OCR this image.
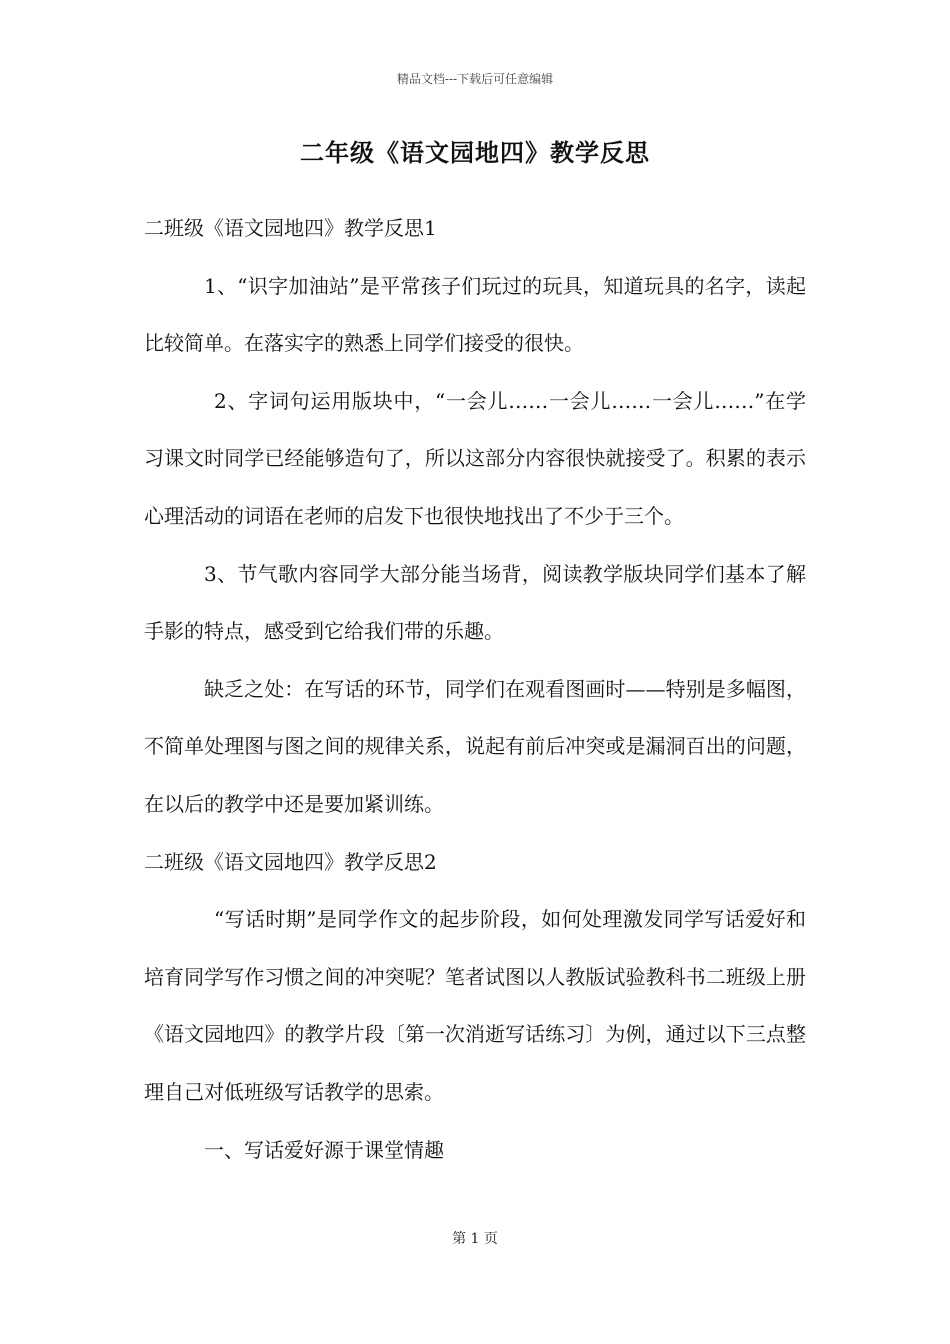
精品文档---下载后可任意编辑
二年级《语文园地四》教学反思

二班级《语文园地四》教学反思1

1、“识字加油站”是平常孩子们玩过的玩具，知道玩具的名字，读起比较简单。在落实字的熟悉上同学们接受的很快。

2、字词句运用版块中，“一会儿……一会儿……一会儿……”在学习课文时同学已经能够造句了，所以这部分内容很快就接受了。积累的表示心理活动的词语在老师的启发下也很快地找出了不少于三个。

3、节气歌内容同学大部分能当场背，阅读教学版块同学们基本了解手影的特点，感受到它给我们带的乐趣。

缺乏之处：在写话的环节，同学们在观看图画时——特别是多幅图，不简单处理图与图之间的规律关系，说起有前后冲突或是漏洞百出的问题，在以后的教学中还是要加紧训练。

二班级《语文园地四》教学反思2

“写话时期”是同学作文的起步阶段，如何处理激发同学写话爱好和培育同学写作习惯之间的冲突呢？笔者试图以人教版试验教科书二班级上册《语文园地四》的教学片段〔第一次消逝写话练习〕为例，通过以下三点整理自己对低班级写话教学的思索。

一、写话爱好源于课堂情趣

第 1 页
